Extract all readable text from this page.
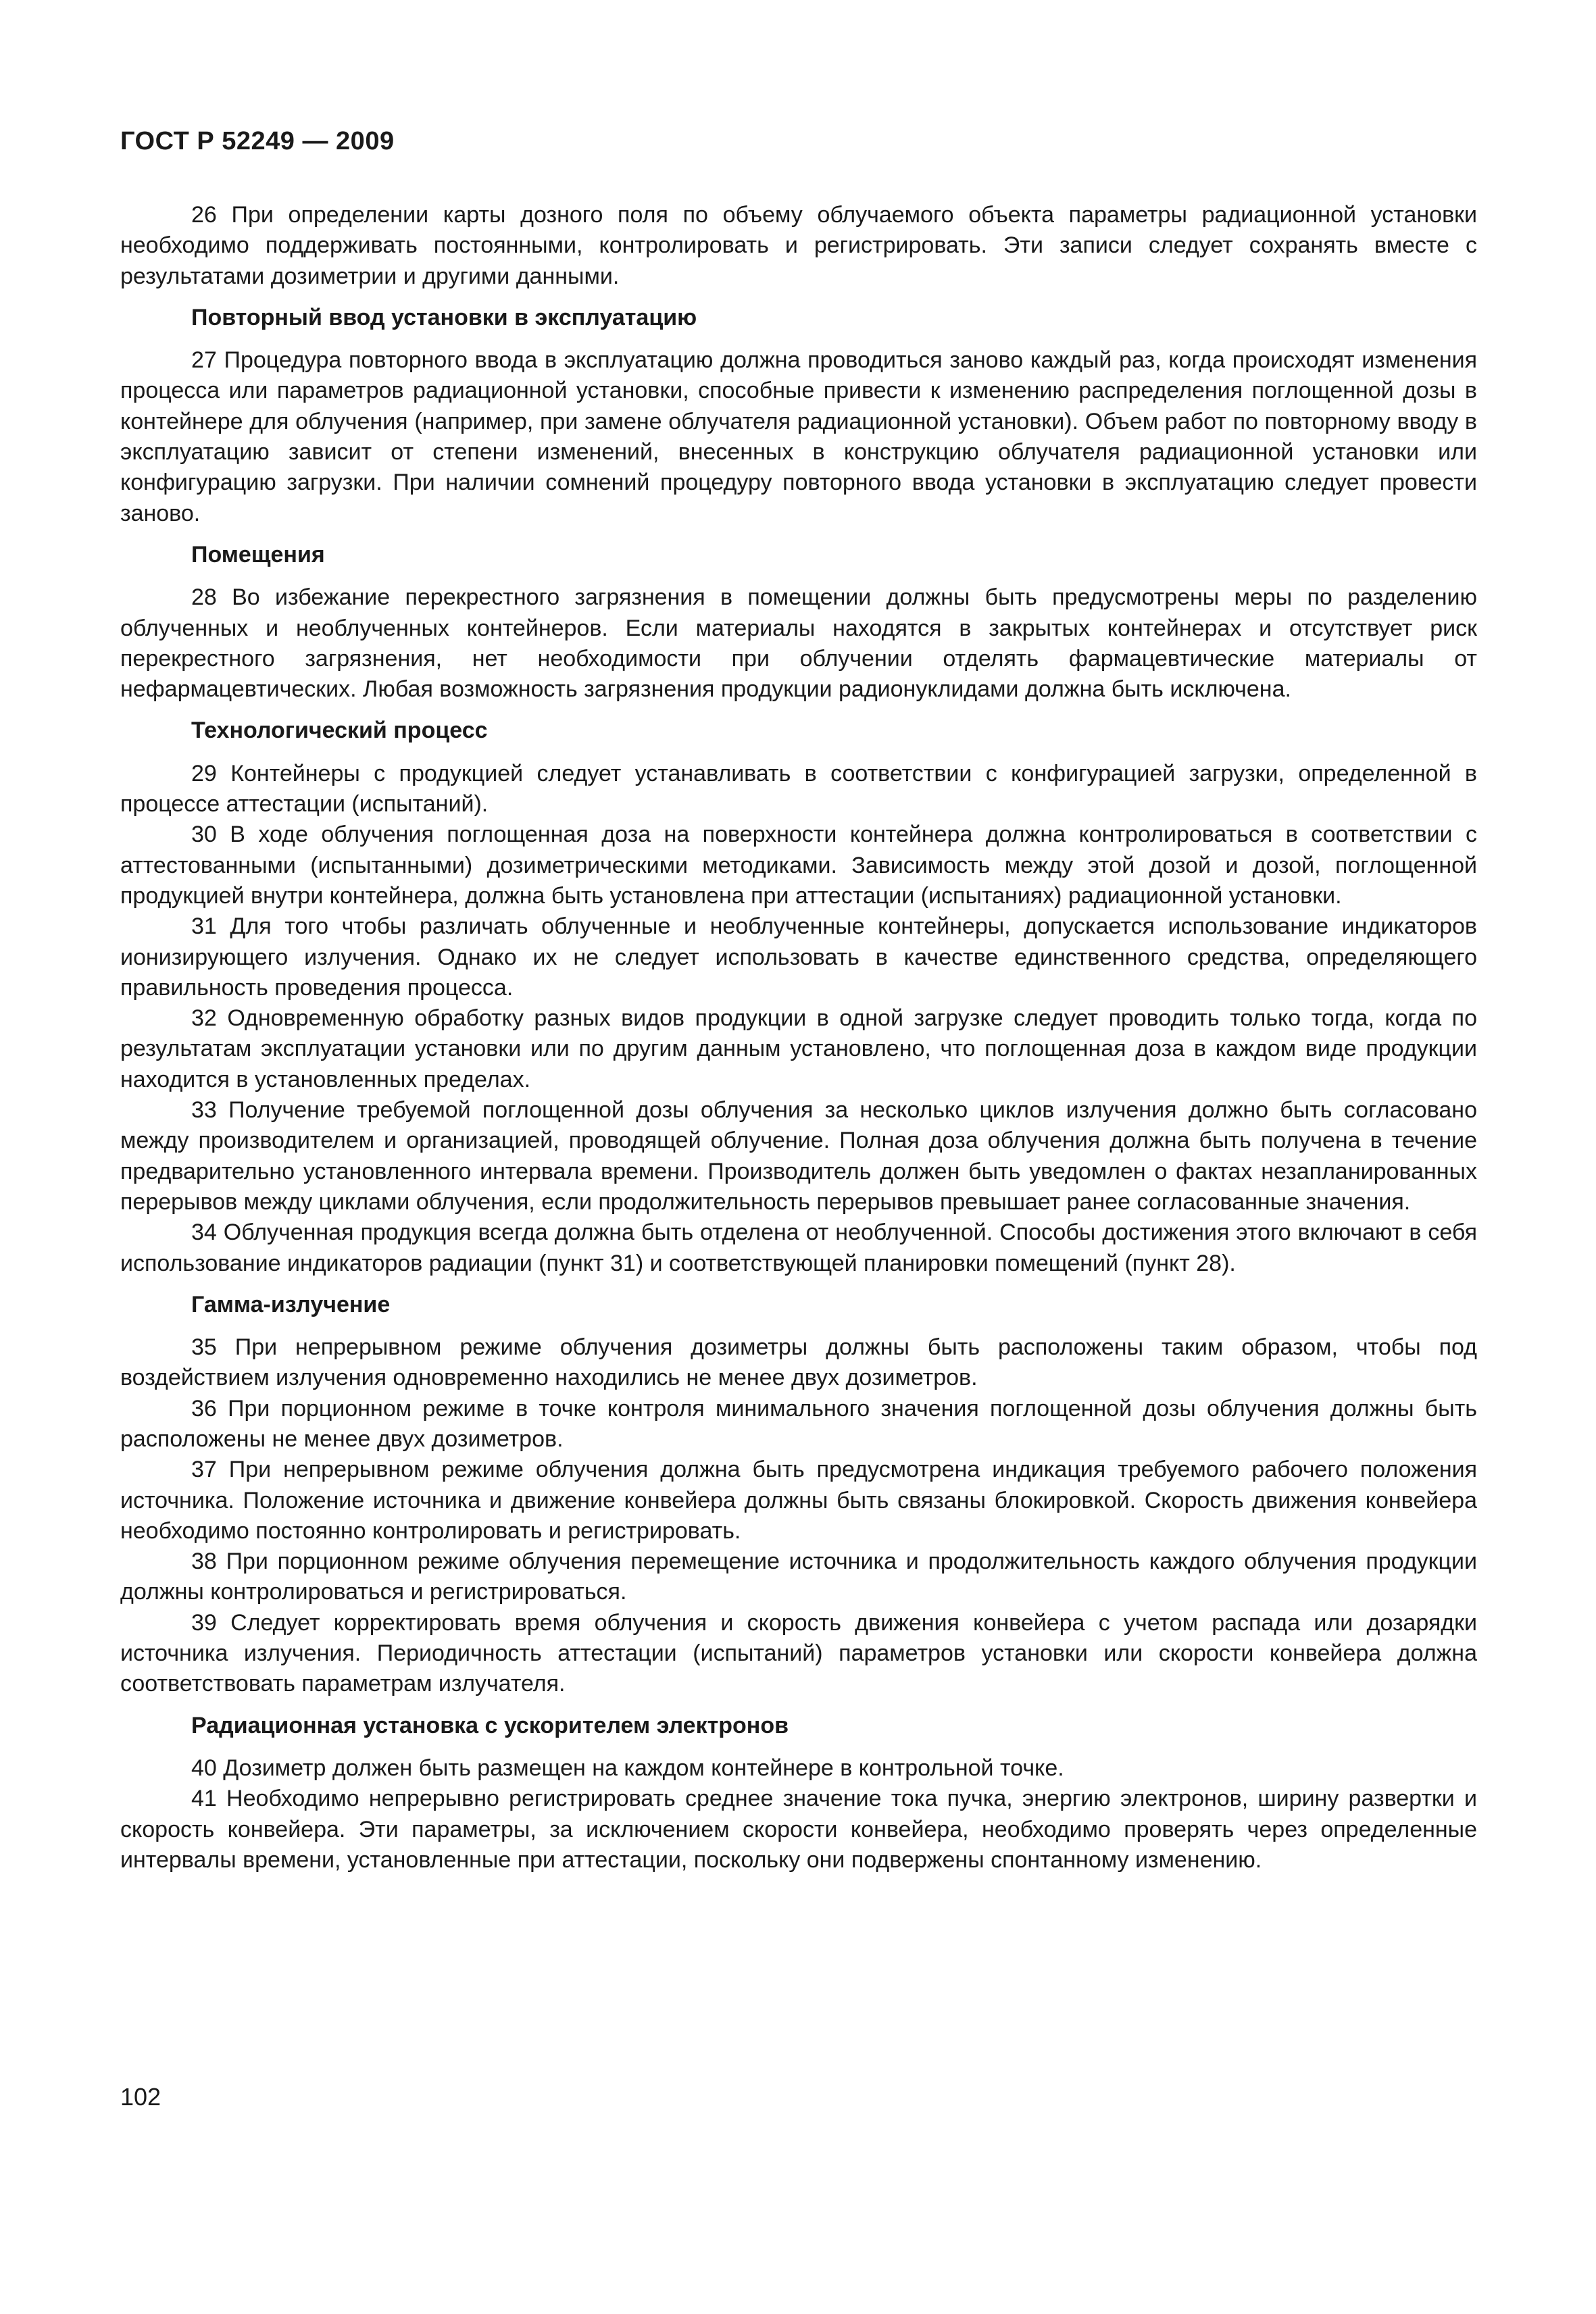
ГОСТ Р 52249 — 2009

26 При определении карты дозного поля по объему облучаемого объекта параметры радиационной установки необходимо поддерживать постоянными, контролировать и регистрировать. Эти записи следует сохранять вместе с результатами дозиметрии и другими данными.

Повторный ввод установки в эксплуатацию

27 Процедура повторного ввода в эксплуатацию должна проводиться заново каждый раз, когда происходят изменения процесса или параметров радиационной установки, способные привести к изменению распределения поглощенной дозы в контейнере для облучения (например, при замене облучателя радиационной установки). Объем работ по повторному вводу в эксплуатацию зависит от степени изменений, внесенных в конструкцию облучателя радиационной установки или конфигурацию загрузки. При наличии сомнений процедуру повторного ввода установки в эксплуатацию следует провести заново.

Помещения

28 Во избежание перекрестного загрязнения в помещении должны быть предусмотрены меры по разделению облученных и необлученных контейнеров. Если материалы находятся в закрытых контейнерах и отсутствует риск перекрестного загрязнения, нет необходимости при облучении отделять фармацевтические материалы от нефармацевтических. Любая возможность загрязнения продукции радионуклидами должна быть исключена.

Технологический процесс

29 Контейнеры с продукцией следует устанавливать в соответствии с конфигурацией загрузки, определенной в процессе аттестации (испытаний).

30 В ходе облучения поглощенная доза на поверхности контейнера должна контролироваться в соответствии с аттестованными (испытанными) дозиметрическими методиками. Зависимость между этой дозой и дозой, поглощенной продукцией внутри контейнера, должна быть установлена при аттестации (испытаниях) радиационной установки.

31 Для того чтобы различать облученные и необлученные контейнеры, допускается использование индикаторов ионизирующего излучения. Однако их не следует использовать в качестве единственного средства, определяющего правильность проведения процесса.

32 Одновременную обработку разных видов продукции в одной загрузке следует проводить только тогда, когда по результатам эксплуатации установки или по другим данным установлено, что поглощенная доза в каждом виде продукции находится в установленных пределах.

33 Получение требуемой поглощенной дозы облучения за несколько циклов излучения должно быть согласовано между производителем и организацией, проводящей облучение. Полная доза облучения должна быть получена в течение предварительно установленного интервала времени. Производитель должен быть уведомлен о фактах незапланированных перерывов между циклами облучения, если продолжительность перерывов превышает ранее согласованные значения.

34 Облученная продукция всегда должна быть отделена от необлученной. Способы достижения этого включают в себя использование индикаторов радиации (пункт 31) и соответствующей планировки помещений (пункт 28).

Гамма-излучение

35 При непрерывном режиме облучения дозиметры должны быть расположены таким образом, чтобы под воздействием излучения одновременно находились не менее двух дозиметров.

36 При порционном режиме в точке контроля минимального значения поглощенной дозы облучения должны быть расположены не менее двух дозиметров.

37 При непрерывном режиме облучения должна быть предусмотрена индикация требуемого рабочего положения источника. Положение источника и движение конвейера должны быть связаны блокировкой. Скорость движения конвейера необходимо постоянно контролировать и регистрировать.

38 При порционном режиме облучения перемещение источника и продолжительность каждого облучения продукции должны контролироваться и регистрироваться.

39 Следует корректировать время облучения и скорость движения конвейера с учетом распада или дозарядки источника излучения. Периодичность аттестации (испытаний) параметров установки или скорости конвейера должна соответствовать параметрам излучателя.

Радиационная установка с ускорителем электронов

40 Дозиметр должен быть размещен на каждом контейнере в контрольной точке.

41 Необходимо непрерывно регистрировать среднее значение тока пучка, энергию электронов, ширину развертки и скорость конвейера. Эти параметры, за исключением скорости конвейера, необходимо проверять через определенные интервалы времени, установленные при аттестации, поскольку они подвержены спонтанному изменению.

102
